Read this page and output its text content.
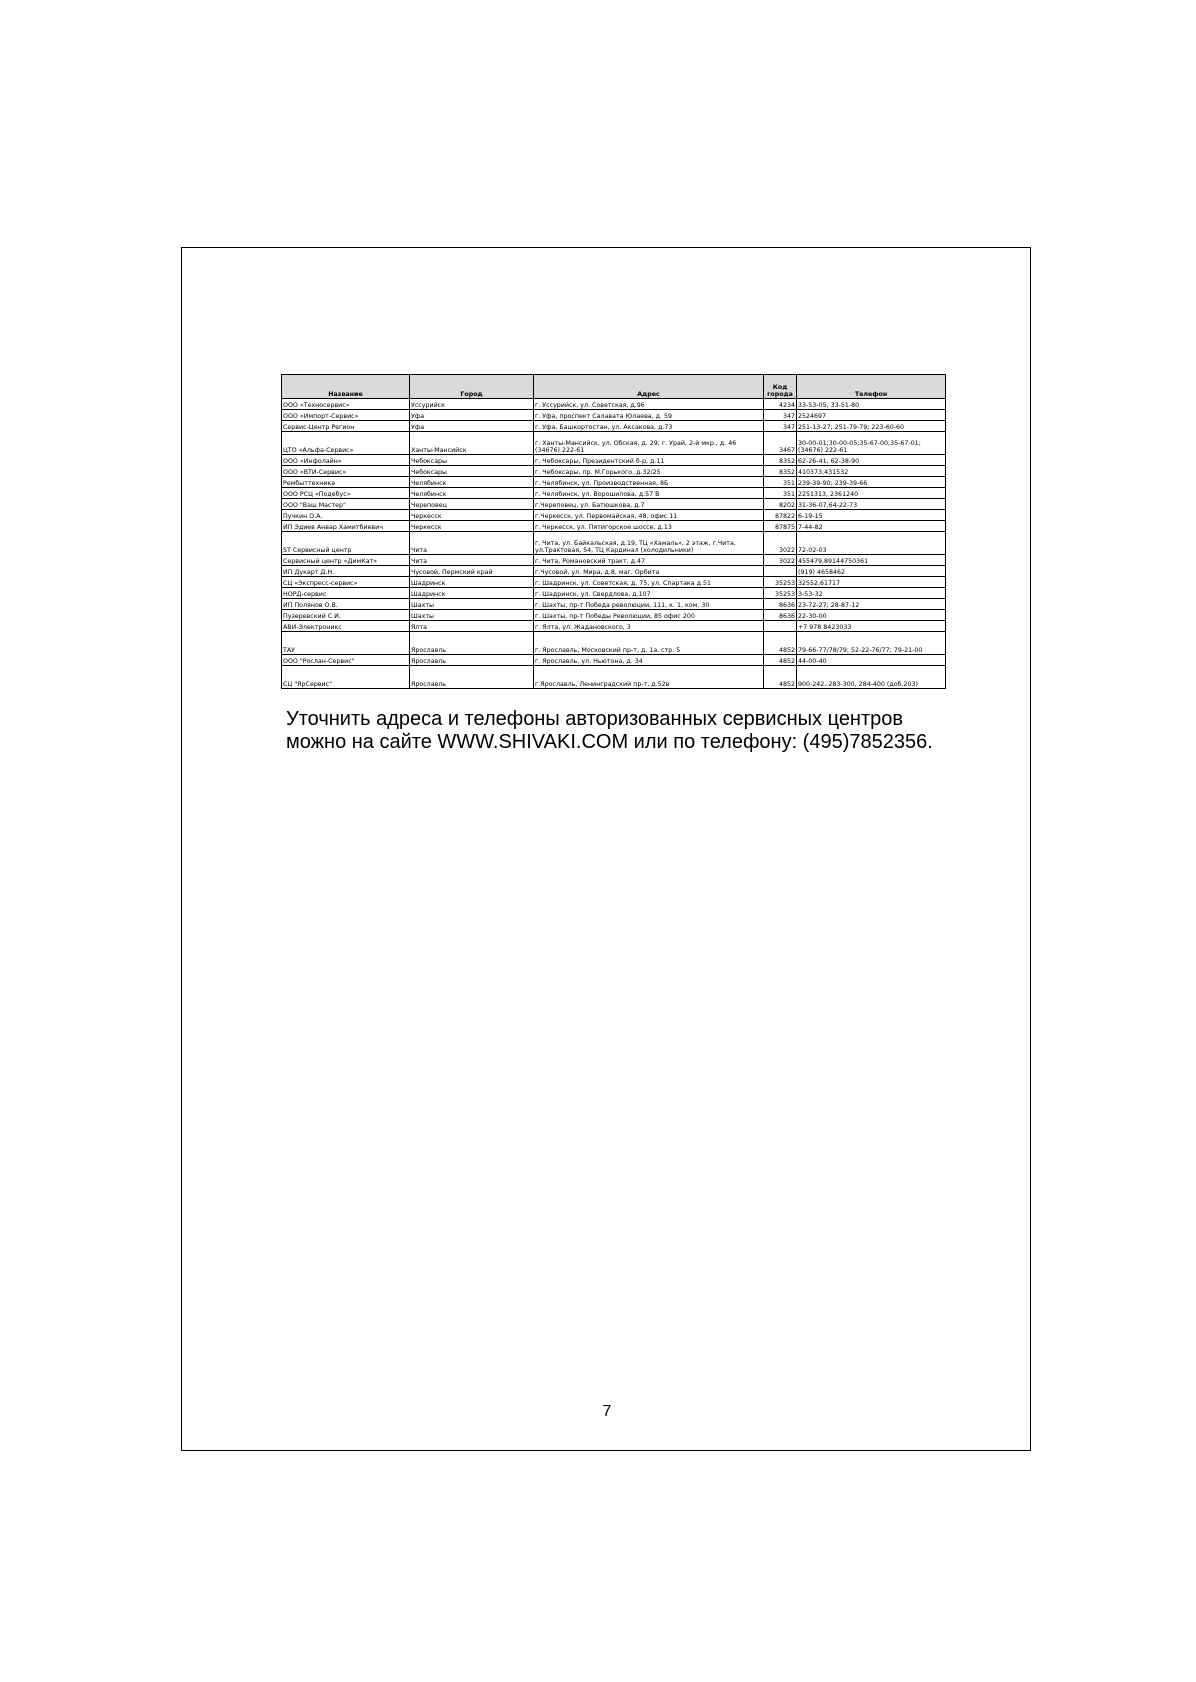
Название	Город	Адрес	Код города	Телефон
ООО «Техносервис»	Уссурийск	г. Уссурийск, ул. Советская, д.96	4234	33-53-05, 33-51-80
ООО «Импорт-Сервис»	Уфа	г. Уфа, проспект Салавата Юлаева, д. 59	347	2524697
Сервис-Центр Регион	Уфа	г. Уфа, Башкортостан, ул. Аксакова, д.73	347	251-13-27; 251-79-79; 223-60-60
ЦТО «Альфа-Сервис»	Ханты-Мансийск	г. Ханты-Мансийск, ул. Обская, д. 29; г. Урай, 2-й мкр., д. 46 (34676) 222-61	3467	30-00-01;30-00-05;35-67-00;35-67-01;(34676) 222-61
ООО «Инфолайн»	Чебоксары	г. Чебоксары, Президентский б-р, д.11	8352	62-26-41, 62-38-90
ООО «ВТИ-Сервис»	Чебоксары	г. Чебоксары, пр. М.Горького, д.32/25	8352	410373;431532
Рембыттехника	Челябинск	г. Челябинск, ул. Производственная, 8Б	351	239-39-90; 239-39-66
ООО РСЦ «Подебус»	Челябинск	г. Челябинск, ул. Ворошилова, д.57 В	351	2251313, 2361240
ООО "Ваш Мастер"	Череповец	г.Череповец, ул. Батюшкова, д.7	8202	31-36-07,64-22-73
Пучкин О.А.	Черкесск	г.Черкесск, ул. Первомайская, 48, офис 11	87822	6-19-15
ИП Эдиев Анвар Хамитбиевич	Черкесск	г. Черкесск, ул. Пятигорское шоссе, д.13	87875	7-44-82
ST Сервисный центр	Чита	г. Чита, ул. Байкальская, д.19, ТЦ «Хамаль», 2 этаж, г.Чита, ул.Трактовая, 54, ТЦ Кардинал (холодильники)	3022	72-02-03
Сервисный центр «ДимКат»	Чита	г. Чита, Романовский тракт, д.47	3022	455479,89144750361
ИП Дукарт Д.Н.	Чусовой, Пермский край	г.Чусовой, ул. Мира, д.8, маг. Орбита		(919) 4658462
СЦ «Экспресс-сервис»	Шадринск	г. Шадринск, ул. Советская, д. 75, ул. Спартака д.51	35253	32552,61717
НОРД-сервис	Шадринск	г. Шадринск, ул. Свердлова, д.107	35253	3-53-32
ИП Полянов О.В.	Шахты	г. Шахты, пр-т Победа революции, 111, к. 1, ком. 30	8636	23-72-27; 28-87-12
Пузеревский С.И.	Шахты	г. Шахты, пр-т Победы Революции, 85 офис 200	8636	22-30-00
АВИ-Электроникс	Ялта	г. Ялта, ул. Жадановского, 3		+7 978 8423033
ТАУ	Ярославль	г. Ярославль, Московский пр-т, д. 1а, стр. 5	4852	79-66-77/78/79; 52-22-76/77; 79-21-00
ООО "Рослан-Сервис"	Ярославль	г. Ярославль, ул. Ньютона, д. 34	4852	44-00-40
СЦ "ЯрСервис"	Ярославль	г.Ярославль, Ленинградский пр-т, д.52в	4852	900-242, 283-300, 284-400 (доб.203)
Уточнить адреса и телефоны авторизованных сервисных центров
можно на сайте WWW.SHIVAKI.COM или по телефону: (495)7852356.
7
